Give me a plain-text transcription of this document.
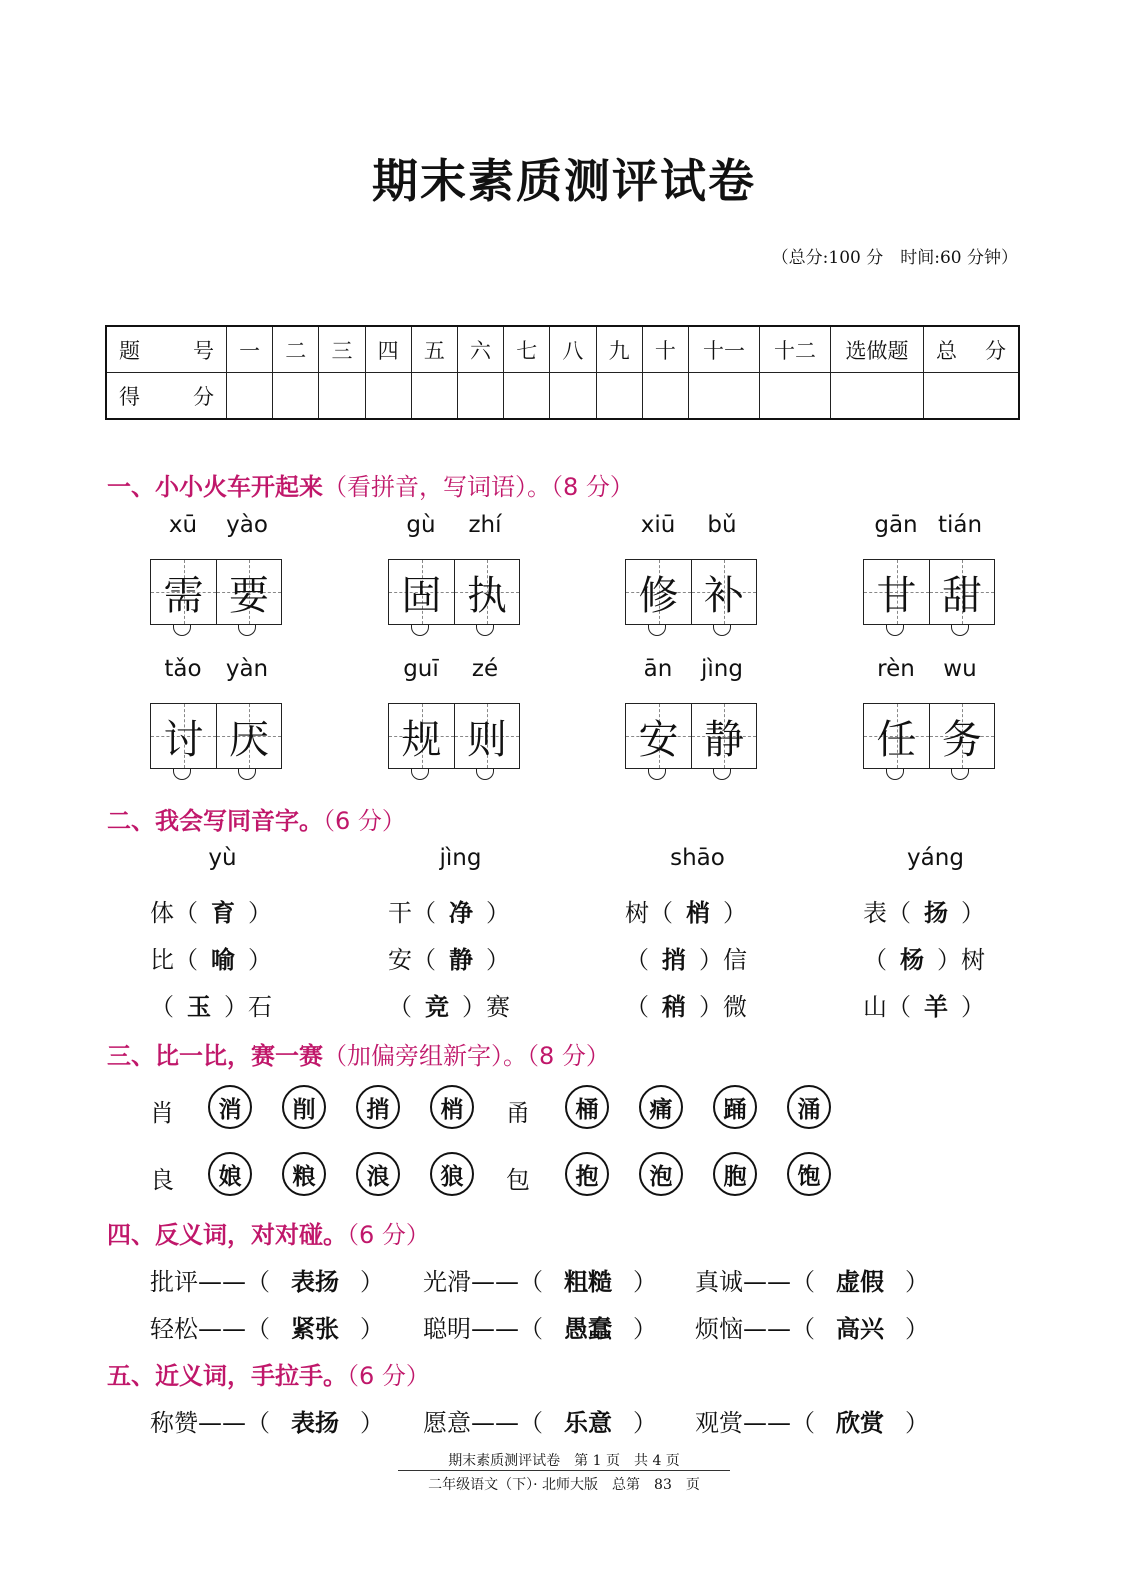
期末素质测评试卷
（总分:100 分　时间:60 分钟）
题　号	一	二	三	四	五	六	七	八	九	十	十一	十二	选做题	总　分
得　分														
一、小小火车开起来（看拼音，写词语）。（8 分）
xū yào
需 要
gù zhí
固 执
xiū bǔ
修 补
gān tián
甘 甜
tǎo yàn
讨 厌
guī zé
规 则
ān jìng
安 静
rèn wu
任 务
二、我会写同音字。（6 分）
yù	jìng	shāo	yáng
体（ 育 ）	干（ 净 ）	树（ 梢 ）	表（ 扬 ）
比（ 喻 ）	安（ 静 ）	（ 捎 ）信	（ 杨 ）树
（ 玉 ）石	（ 竞 ）赛	（ 稍 ）微	山（ 羊 ）
三、比一比，赛一赛（加偏旁组新字）。（8 分）
肖	消	削	捎	梢	甬	桶	痛	踊	涌
良	娘	粮	浪	狼	包	抱	泡	胞	饱
四、反义词，对对碰。（6 分）
批评——（ 表扬 ） 光滑——（ 粗糙 ） 真诚——（ 虚假 ）
轻松——（ 紧张 ） 聪明——（ 愚蠢 ） 烦恼——（ 高兴 ）
五、近义词，手拉手。（6 分）
称赞——（ 表扬 ） 愿意——（ 乐意 ） 观赏——（ 欣赏 ）
期末素质测评试卷　第 1 页　共 4 页
二年级语文（下）· 北师大版　总第　83　页
